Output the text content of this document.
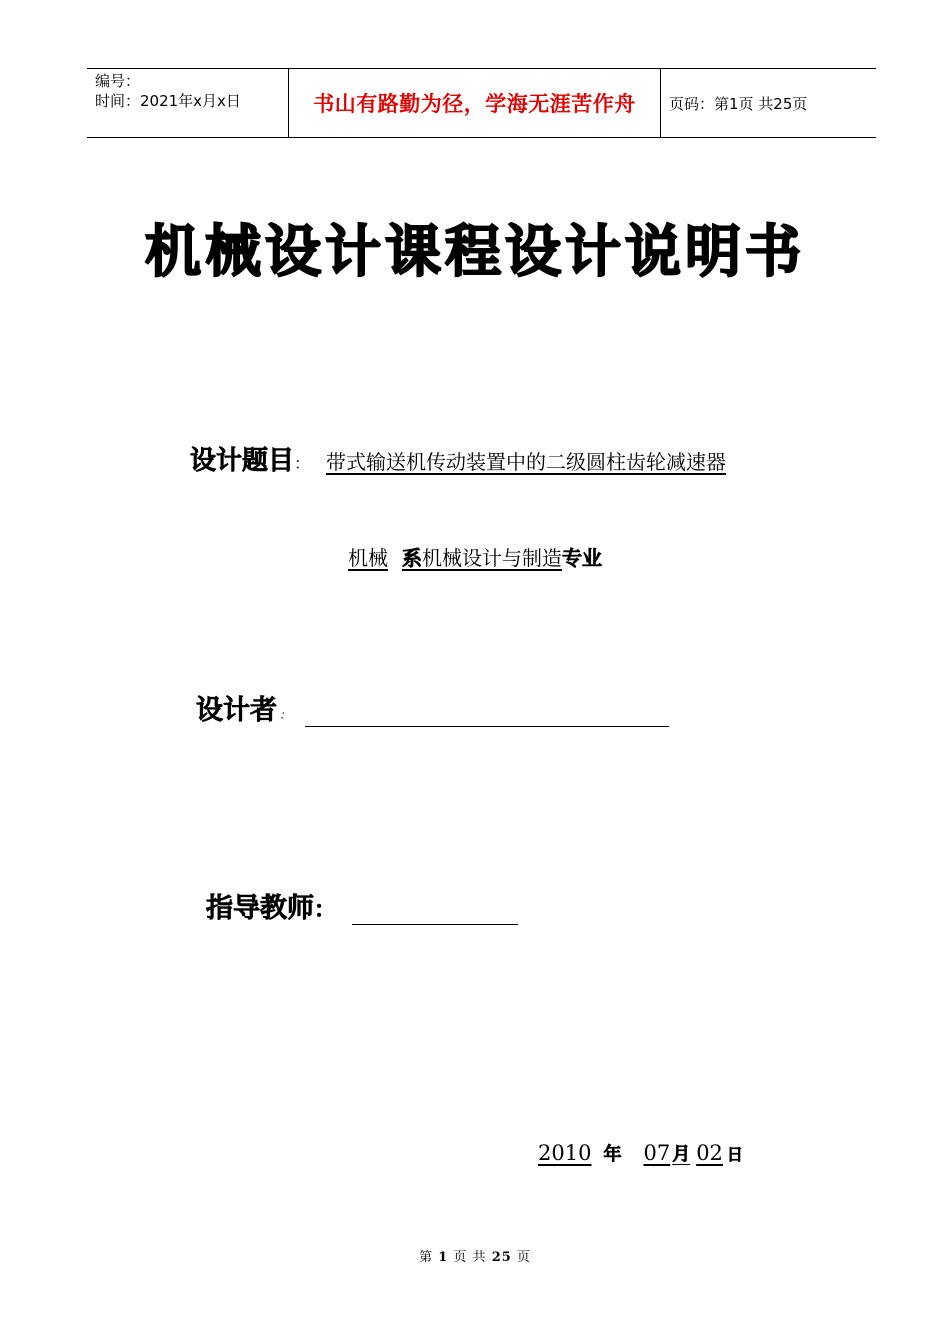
编号：
时间：2021年x月x日	书山有路勤为径，学海无涯苦作舟 页码：第1页 共25页
机械设计课程设计说明书
设计题目： 带式输送机传动装置中的二级圆柱齿轮减速器
机械 系机械设计与制造专业
设计者 ：
指导教师：
2010 年 07 月 02 日
第 1 页 共 25 页
